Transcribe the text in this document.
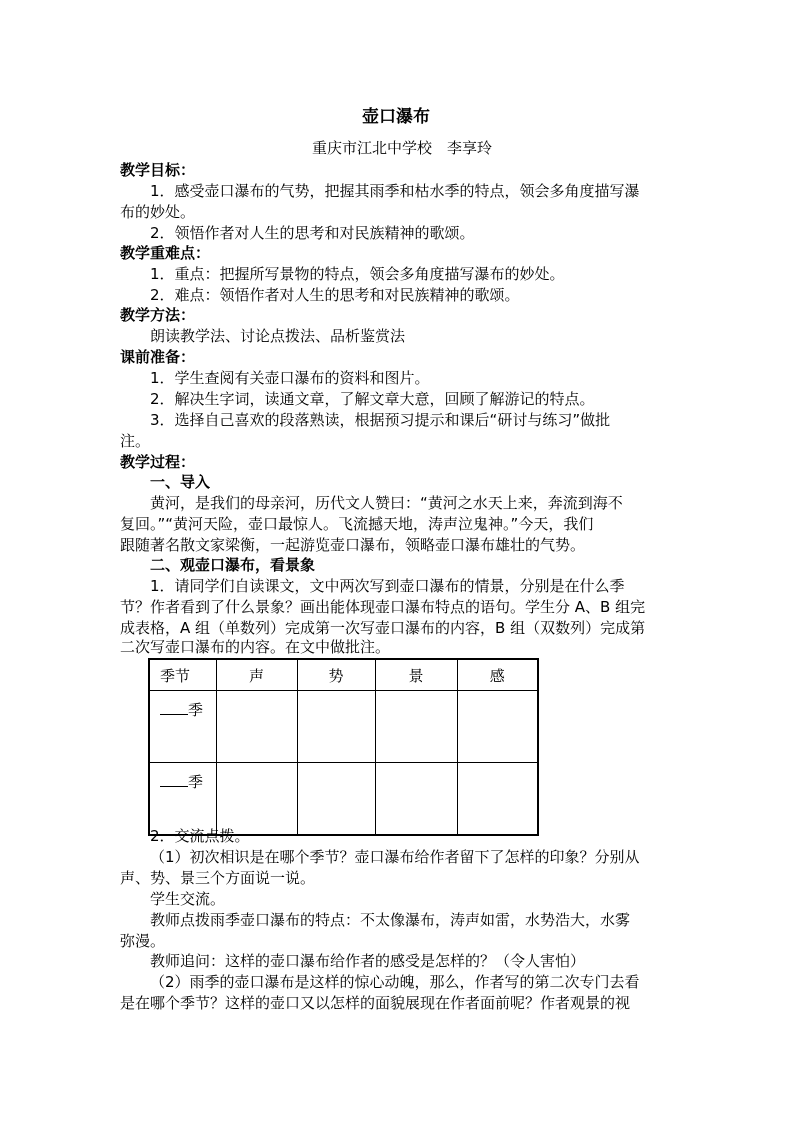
壶口瀑布
重庆市江北中学校　李享玲
教学目标：
1．感受壶口瀑布的气势，把握其雨季和枯水季的特点，领会多角度描写瀑
布的妙处。
2．领悟作者对人生的思考和对民族精神的歌颂。
教学重难点：
1．重点：把握所写景物的特点，领会多角度描写瀑布的妙处。
2．难点：领悟作者对人生的思考和对民族精神的歌颂。
教学方法：
朗读教学法、讨论点拨法、品析鉴赏法
课前准备：
1．学生查阅有关壶口瀑布的资料和图片。
2．解决生字词，读通文章，了解文章大意，回顾了解游记的特点。
3．选择自己喜欢的段落熟读，根据预习提示和课后“研讨与练习”做批
注。
教学过程：
一、导入
黄河，是我们的母亲河，历代文人赞曰：“黄河之水天上来，奔流到海不
复回。”“黄河天险，壶口最惊人。飞流撼天地，涛声泣鬼神。”今天，我们
跟随著名散文家梁衡，一起游览壶口瀑布，领略壶口瀑布雄壮的气势。
二、观壶口瀑布，看景象
1．请同学们自读课文，文中两次写到壶口瀑布的情景，分别是在什么季
节？作者看到了什么景象？画出能体现壶口瀑布特点的语句。学生分 A、B 组完
成表格，A 组（单数列）完成第一次写壶口瀑布的内容，B 组（双数列）完成第
二次写壶口瀑布的内容。在文中做批注。
季节	声	势	景	感
季				
季				
2．交流点拨。
（1）初次相识是在哪个季节？壶口瀑布给作者留下了怎样的印象？分别从
声、势、景三个方面说一说。
学生交流。
教师点拨雨季壶口瀑布的特点：不太像瀑布，涛声如雷，水势浩大，水雾
弥漫。
教师追问：这样的壶口瀑布给作者的感受是怎样的？（令人害怕）
（2）雨季的壶口瀑布是这样的惊心动魄，那么，作者写的第二次专门去看
是在哪个季节？这样的壶口又以怎样的面貌展现在作者面前呢？作者观景的视
